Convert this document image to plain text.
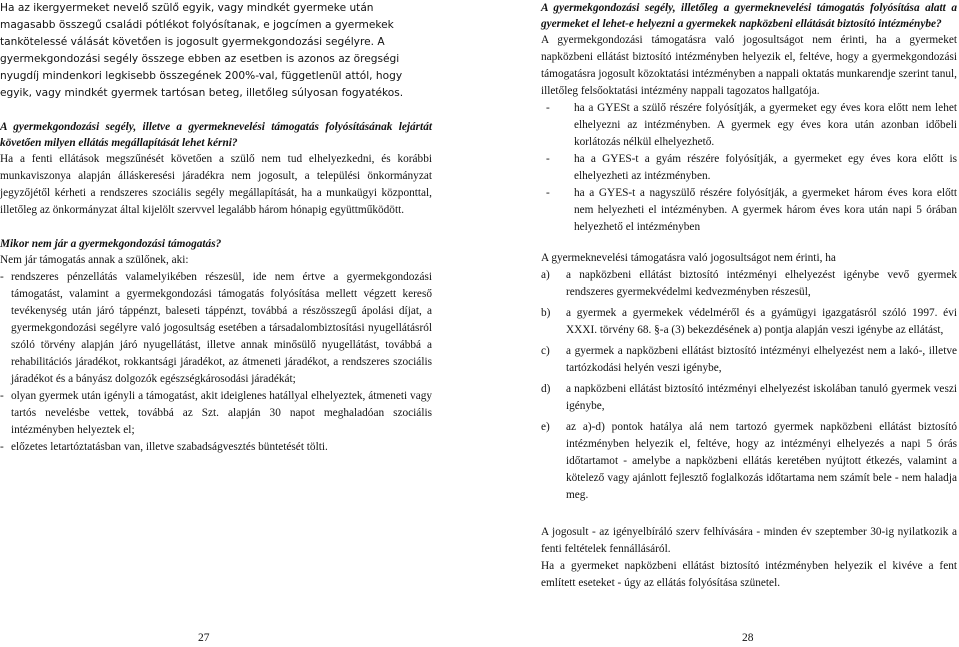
Ha az ikergyermeket nevelő szülő egyik, vagy mindkét gyermeke után magasabb összegű családi pótlékot folyósítanak, e jogcímen a gyermekek tankötelessé válását követően is jogosult gyermekgondozási segélyre. A gyermekgondozási segély összege ebben az esetben is azonos az öregségi nyugdíj mindenkori legkisebb összegének 200%-val, függetlenül attól, hogy egyik, vagy mindkét gyermek tartósan beteg, illetőleg súlyosan fogyatékos.

A gyermekgondozási segély, illetve a gyermeknevelési támogatás folyósításának lejártát követően milyen ellátás megállapítását lehet kérni?

Ha a fenti ellátások megszűnését követően a szülő nem tud elhelyezkedni, és korábbi munkaviszonya alapján álláskeresési járadékra nem jogosult, a települési önkormányzat jegyzőjétől kérheti a rendszeres szociális segély megállapítását, ha a munkaügyi központtal, illetőleg az önkormányzat által kijelölt szervvel legalább három hónapig együttműködött.

Mikor nem jár a gyermekgondozási támogatás?

Nem jár támogatás annak a szülőnek, aki:

- rendszeres pénzellátás valamelyikében részesül, ide nem értve a gyermekgondozási támogatást, valamint a gyermekgondozási támogatás folyósítása mellett végzett kereső tevékenység után járó táppénzt, baleseti táppénzt, továbbá a részösszegű ápolási díjat, a gyermekgondozási segélyre való jogosultság esetében a társadalombiztosítási nyugellátásról szóló törvény alapján járó nyugellátást, illetve annak minősülő nyugellátást, továbbá a rehabilitációs járadékot, rokkantsági járadékot, az átmeneti járadékot, a rendszeres szociális járadékot és a bányász dolgozók egészségkárosodási járadékát;
- olyan gyermek után igényli a támogatást, akit ideiglenes hatállyal elhelyeztek, átmeneti vagy tartós nevelésbe vettek, továbbá az Szt. alapján 30 napot meghaladóan szociális intézményben helyeztek el;
- előzetes letartóztatásban van, illetve szabadságvesztés büntetését tölti.
27

A gyermekgondozási segély, illetőleg a gyermeknevelési támogatás folyósítása alatt a gyermeket el lehet-e helyezni a gyermekek napközbeni ellátását biztosító intézménybe?

A gyermekgondozási támogatásra való jogosultságot nem érinti, ha a gyermeket napközbeni ellátást biztosító intézményben helyezik el, feltéve, hogy a gyermekgondozási támogatásra jogosult közoktatási intézményben a nappali oktatás munkarendje szerint tanul, illetőleg felsőoktatási intézmény nappali tagozatos hallgatója.

- ha a GYESt a szülő részére folyósítják, a gyermeket egy éves kora előtt nem lehet elhelyezni az intézményben. A gyermek egy éves kora után azonban időbeli korlátozás nélkül elhelyezhető.
- ha a GYES-t a gyám részére folyósítják, a gyermeket egy éves kora előtt is elhelyezheti az intézményben.
- ha a GYES-t a nagyszülő részére folyósítják, a gyermeket három éves kora előtt nem helyezheti el intézményben. A gyermek három éves kora után napi 5 órában helyezhető el intézményben

A gyermeknevelési támogatásra való jogosultságot nem érinti, ha

a) a napközbeni ellátást biztosító intézményi elhelyezést igénybe vevő gyermek rendszeres gyermekvédelmi kedvezményben részesül,
b) a gyermek a gyermekek védelméről és a gyámügyi igazgatásról szóló 1997. évi XXXI. törvény 68. §-a (3) bekezdésének a) pontja alapján veszi igénybe az ellátást,
c) a gyermek a napközbeni ellátást biztosító intézményi elhelyezést nem a lakó-, illetve tartózkodási helyén veszi igénybe,
d) a napközbeni ellátást biztosító intézményi elhelyezést iskolában tanuló gyermek veszi igénybe,
e) az a)-d) pontok hatálya alá nem tartozó gyermek napközbeni ellátást biztosító intézményben helyezik el, feltéve, hogy az intézményi elhelyezés a napi 5 órás időtartamot - amelybe a napközbeni ellátás keretében nyújtott étkezés, valamint a kötelező vagy ajánlott fejlesztő foglalkozás időtartama nem számít bele - nem haladja meg.

A jogosult - az igényelbíráló szerv felhívására - minden év szeptember 30-ig nyilatkozik a fenti feltételek fennállásáról.

Ha a gyermeket napközbeni ellátást biztosító intézményben helyezik el kivéve a fent említett eseteket - úgy az ellátás folyósítása szünetel.

28
